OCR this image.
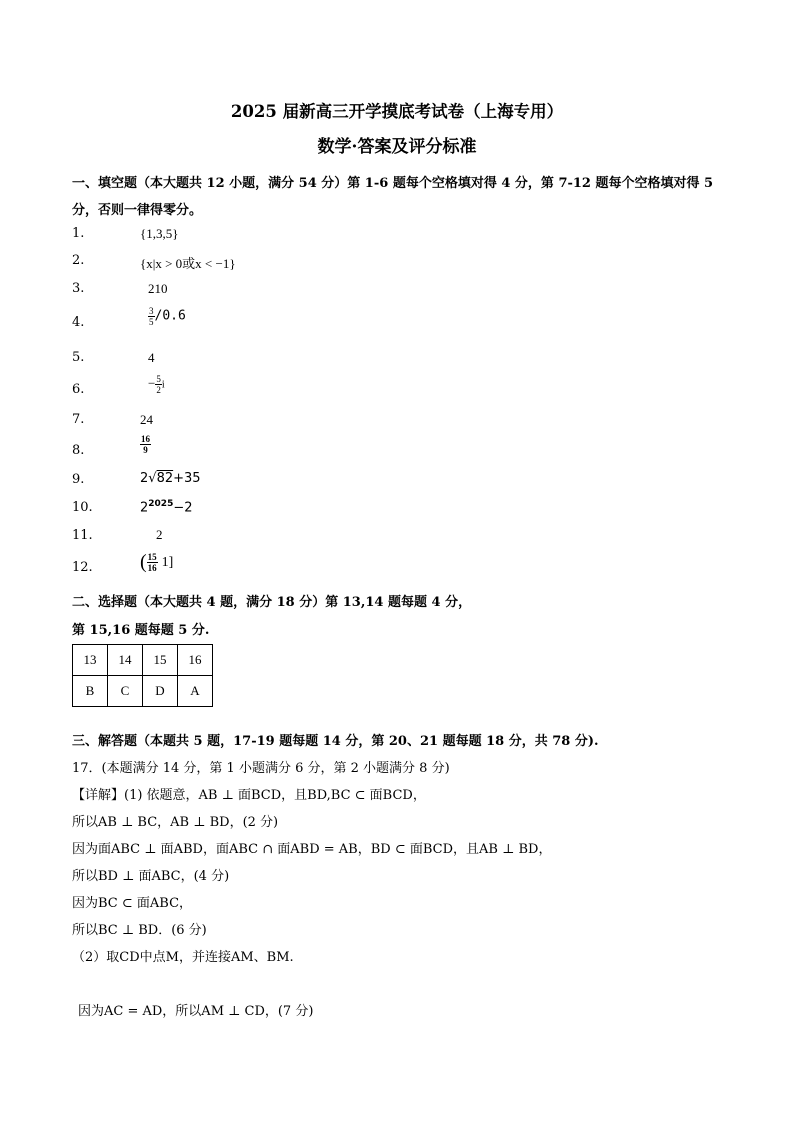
2025 届新高三开学摸底考试卷（上海专用）
数学·答案及评分标准
一、填空题（本大题共 12 小题，满分 54 分）第 1-6 题每个空格填对得 4 分，第 7-12 题每个空格填对得 5
分，否则一律得零分。
1.	{1,3,5}
2.	{x|x > 0或x < −1}
3.	210
4.	$\frac{3}{5} /0.6$
5.	4
6.	− $\frac{5}{2}$ i
7.	24
8.	$\frac{16}{9}$
9.	2√82+35
10.	$2^{2025}-2$
11.	2
12. ( $\frac{15}{16} 1$]
二、选择题（本大题共 4 题，满分 18 分）第 13,14 题每题 4 分，
第 15,16 题每题 5 分.
13	14	15	16
B	C	D	A
三、解答题（本题共 5 题，17-19 题每题 14 分，第 20、21 题每题 18 分，共 78 分).
17．(本题满分 14 分，第 1 小题满分 6 分，第 2 小题满分 8 分)
【详解】(1) 依题意，AB ⊥ 面BCD，且BD,BC ⊂ 面BCD，
所以AB ⊥ BC，AB ⊥ BD，(2 分)
因为面ABC ⊥ 面ABD，面ABC ∩ 面ABD = AB，BD ⊂ 面BCD，且AB ⊥ BD，
所以BD ⊥ 面ABC，(4 分)
因为BC ⊂ 面ABC，
所以BC ⊥ BD．(6 分)
（2）取CD中点M，并连接AM、BM.
因为AC = AD，所以AM ⊥ CD，(7 分)
